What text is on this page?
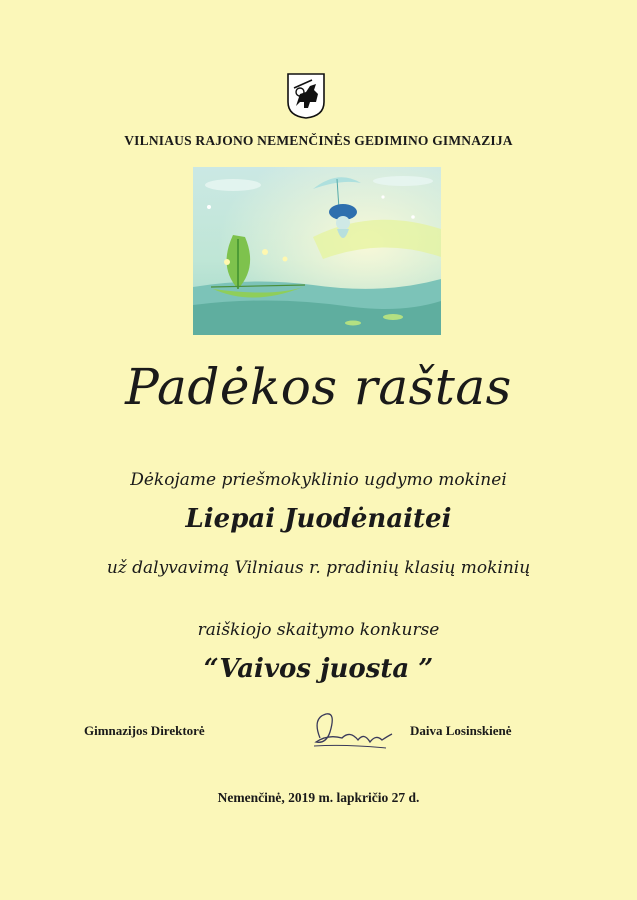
VILNIAUS RAJONO NEMENČINĖS GEDIMINO GIMNAZIJA
Padėkos raštas
Dėkojame priešmokyklinio ugdymo mokinei
Liepai Juodėnaitei
už dalyvavimą Vilniaus r. pradinių klasių mokinių
raiškiojo skaitymo konkurse
“Vaivos juosta ”
Gimnazijos Direktorė	Daiva Losinskienė
Nemenčinė, 2019 m. lapkričio 27 d.
